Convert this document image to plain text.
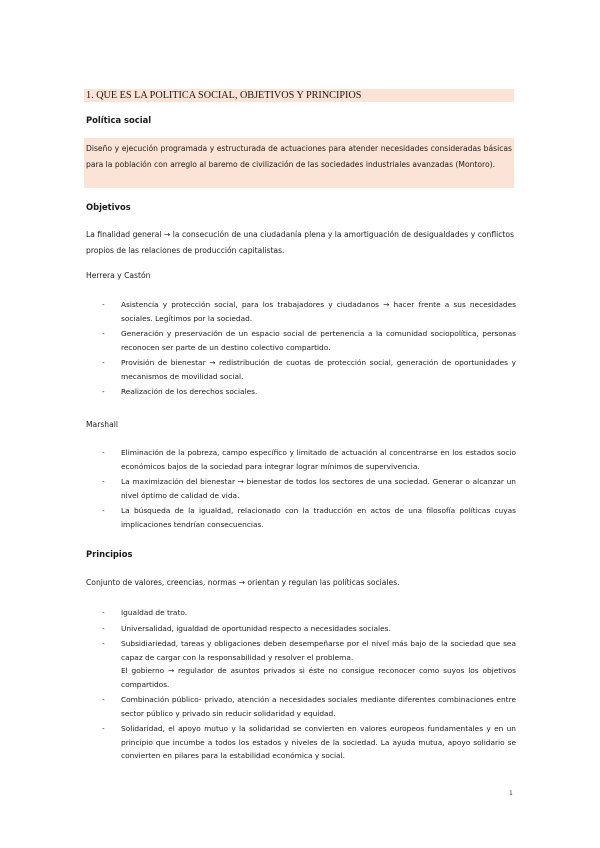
1. QUE ES LA POLITICA SOCIAL, OBJETIVOS Y PRINCIPIOS
Política social
Diseño y ejecución programada y estructurada de actuaciones para atender necesidades consideradas básicas para la población con arreglo al baremo de civilización de las sociedades industriales avanzadas (Montoro).
Objetivos
La finalidad general → la consecución de una ciudadanía plena y la amortiguación de desigualdades y conflictos propios de las relaciones de producción capitalistas.
Herrera y Castón
- Asistencia y protección social, para los trabajadores y ciudadanos → hacer frente a sus necesidades sociales. Legítimos por la sociedad.
- Generación y preservación de un espacio social de pertenencia a la comunidad sociopolítica, personas reconocen ser parte de un destino colectivo compartido.
- Provisión de bienestar → redistribución de cuotas de protección social, generación de oportunidades y mecanismos de movilidad social.
- Realización de los derechos sociales.
Marshall
- Eliminación de la pobreza, campo específico y limitado de actuación al concentrarse en los estados socio económicos bajos de la sociedad para integrar lograr mínimos de supervivencia.
- La maximización del bienestar → bienestar de todos los sectores de una sociedad. Generar o alcanzar un nivel óptimo de calidad de vida.
- La búsqueda de la igualdad, relacionado con la traducción en actos de una filosofía políticas cuyas implicaciones tendrían consecuencias.
Principios
Conjunto de valores, creencias, normas → orientan y regulan las políticas sociales.
- Igualdad de trato.
- Universalidad, igualdad de oportunidad respecto a necesidades sociales.
- Subsidiariedad, tareas y obligaciones deben desempeñarse por el nivel más bajo de la sociedad que sea capaz de cargar con la responsabilidad y resolver el problema.
El gobierno → regulador de asuntos privados si éste no consigue reconocer como suyos los objetivos compartidos.
- Combinación público- privado, atención a necesidades sociales mediante diferentes combinaciones entre sector público y privado sin reducir solidaridad y equidad.
- Solidaridad, el apoyo mutuo y la solidaridad se convierten en valores europeos fundamentales y en un principio que incumbe a todos los estados y niveles de la sociedad. La ayuda mutua, apoyo solidario se convierten en pilares para la estabilidad económica y social.
1
